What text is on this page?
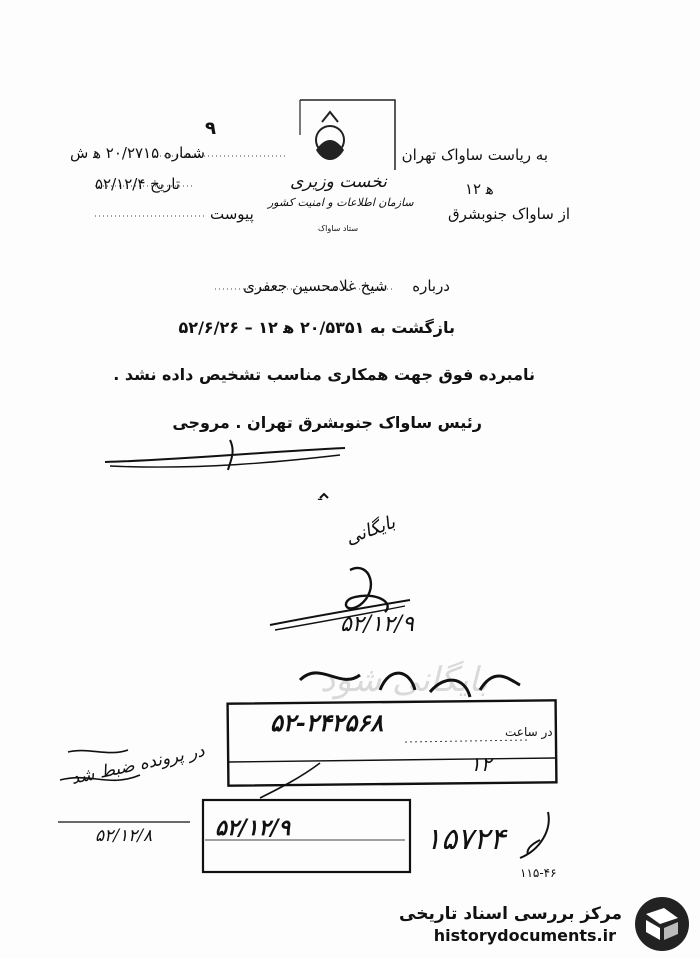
ـ
به ریاست ساواک تهران
شماره ۲۰/۲۷۱۵ ه‍ ش
تاریخ ۵۲/۱۲/۴
پیوست
ه‍ ۱۲
از ساواک جنوبشرق
۹
نخست وزیری
سازمان اطلاعات و امنیت کشور
ستاد ساواک
درباره شیخ غلامحسین جعفری
بازگشت به ۲۰/۵۳۵۱ ه‍ ۱۲ – ۵۲/۶/۲۶
نامبرده فوق جهت همکاری مناسب تشخیص داده نشد .
رئیس ساواک جنوبشرق تهران . مروجی
بایگانی
۵۲/۱۲/۹
بایگانی شود
در ساعت
۵۲-۲۴۲۵۶۸
۱۲
در پرونده ضبط شد
۵۲/۱۲/۸	۵۲/۱۲/۹	۱۵۷۲۴
۱۱۵-۴۶
مرکز بررسی اسناد تاریخی
historydocuments.ir
